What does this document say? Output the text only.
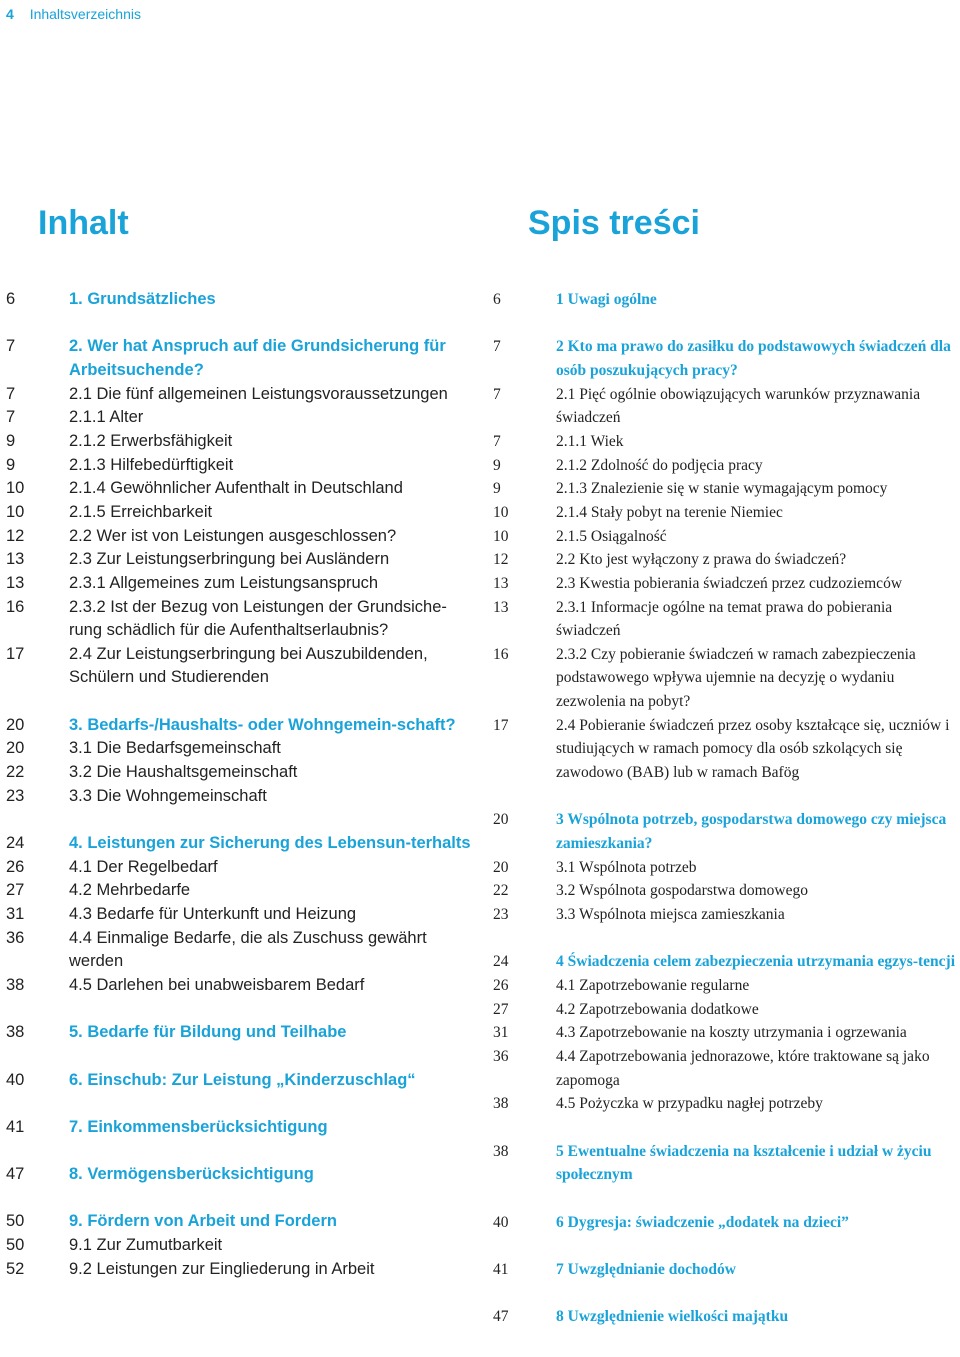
4 Inhaltsverzeichnis
Inhalt	Spis treści
6	1. Grundsätzliches
7	2. Wer hat Anspruch auf die Grundsicherung für Arbeitsuchende?
7	2.1 Die fünf allgemeinen Leistungsvoraussetzungen
7	2.1.1 Alter
9	2.1.2 Erwerbsfähigkeit
9	2.1.3 Hilfebedürftigkeit
10	2.1.4 Gewöhnlicher Aufenthalt in Deutschland
10	2.1.5 Erreichbarkeit
12	2.2 Wer ist von Leistungen ausgeschlossen?
13	2.3 Zur Leistungserbringung bei Ausländern
13	2.3.1 Allgemeines zum Leistungsanspruch
16	2.3.2 Ist der Bezug von Leistungen der Grundsiche-rung schädlich für die Aufenthaltserlaubnis?
17	2.4 Zur Leistungserbringung bei Auszubildenden, Schülern und Studierenden
20	3. Bedarfs-/Haushalts- oder Wohngemein-schaft?
20	3.1 Die Bedarfsgemeinschaft
22	3.2 Die Haushaltsgemeinschaft
23	3.3 Die Wohngemeinschaft
24	4. Leistungen zur Sicherung des Lebensun-terhalts
26	4.1 Der Regelbedarf
27	4.2 Mehrbedarfe
31	4.3 Bedarfe für Unterkunft und Heizung
36	4.4 Einmalige Bedarfe, die als Zuschuss gewährt werden
38	4.5 Darlehen bei unabweisbarem Bedarf
38	5. Bedarfe für Bildung und Teilhabe
40	6. Einschub: Zur Leistung „Kinderzuschlag“
41	7. Einkommensberücksichtigung
47	8. Vermögensberücksichtigung
50	9. Fördern von Arbeit und Fordern
50	9.1 Zur Zumutbarkeit
52	9.2 Leistungen zur Eingliederung in Arbeit
6	1 Uwagi ogólne
7	2 Kto ma prawo do zasiłku do podstawowych świadczeń dla osób poszukujących pracy?
7	2.1 Pięć ogólnie obowiązujących warunków przyznawania świadczeń
7	2.1.1 Wiek
9	2.1.2 Zdolność do podjęcia pracy
9	2.1.3 Znalezienie się w stanie wymagającym pomocy
10	2.1.4 Stały pobyt na terenie Niemiec
10	2.1.5 Osiągalność
12	2.2 Kto jest wyłączony z prawa do świadczeń?
13	2.3 Kwestia pobierania świadczeń przez cudzoziemców
13	2.3.1 Informacje ogólne na temat prawa do pobierania świadczeń
16	2.3.2 Czy pobieranie świadczeń w ramach zabezpieczenia podstawowego wpływa ujemnie na decyzję o wydaniu zezwolenia na pobyt?
17	2.4 Pobieranie świadczeń przez osoby kształcące się, uczniów i studiujących w ramach pomocy dla osób szkolących się zawodowo (BAB) lub w ramach Bafög
20	3 Wspólnota potrzeb, gospodarstwa domowego czy miejsca zamieszkania?
20	3.1 Wspólnota potrzeb
22	3.2 Wspólnota gospodarstwa domowego
23	3.3 Wspólnota miejsca zamieszkania
24	4 Świadczenia celem zabezpieczenia utrzymania egzys-tencji
26	4.1 Zapotrzebowanie regularne
27	4.2 Zapotrzebowania dodatkowe
31	4.3 Zapotrzebowanie na koszty utrzymania i ogrzewania
36	4.4 Zapotrzebowania jednorazowe, które traktowane są jako zapomoga
38	4.5 Pożyczka w przypadku nagłej potrzeby
38	5 Ewentualne świadczenia na kształcenie i udział w życiu społecznym
40	6 Dygresja: świadczenie „dodatek na dzieci”
41	7 Uwzględnianie dochodów
47	8 Uwzględnienie wielkości majątku
